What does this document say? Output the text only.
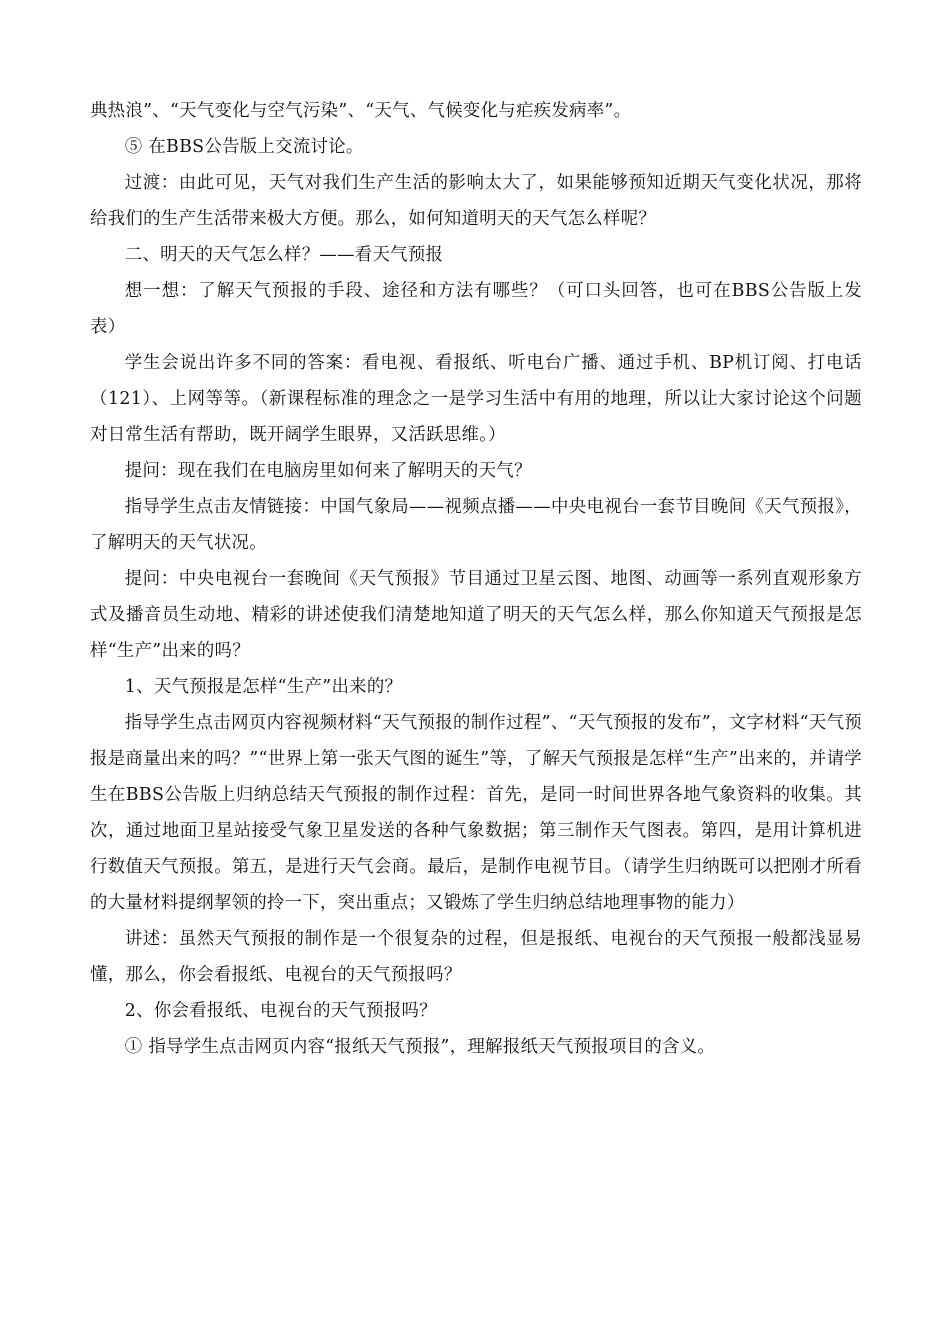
典热浪”、“天气变化与空气污染”、“天气、气候变化与疟疾发病率”。

⑤ 在BBS公告版上交流讨论。

过渡：由此可见，天气对我们生产生活的影响太大了，如果能够预知近期天气变化状况，那将给我们的生产生活带来极大方便。那么，如何知道明天的天气怎么样呢？

二、明天的天气怎么样？——看天气预报

想一想：了解天气预报的手段、途径和方法有哪些？（可口头回答，也可在BBS公告版上发表）

学生会说出许多不同的答案：看电视、看报纸、听电台广播、通过手机、BP机订阅、打电话（121）、上网等等。（新课程标准的理念之一是学习生活中有用的地理，所以让大家讨论这个问题对日常生活有帮助，既开阔学生眼界，又活跃思维。）

提问：现在我们在电脑房里如何来了解明天的天气？

指导学生点击友情链接：中国气象局——视频点播——中央电视台一套节目晚间《天气预报》，了解明天的天气状况。

提问：中央电视台一套晚间《天气预报》节目通过卫星云图、地图、动画等一系列直观形象方式及播音员生动地、精彩的讲述使我们清楚地知道了明天的天气怎么样，那么你知道天气预报是怎样“生产”出来的吗？

1、天气预报是怎样“生产”出来的？

指导学生点击网页内容视频材料“天气预报的制作过程”、“天气预报的发布”，文字材料“天气预报是商量出来的吗？”“世界上第一张天气图的诞生”等，了解天气预报是怎样“生产”出来的，并请学生在BBS公告版上归纳总结天气预报的制作过程：首先，是同一时间世界各地气象资料的收集。其次，通过地面卫星站接受气象卫星发送的各种气象数据；第三制作天气图表。第四，是用计算机进行数值天气预报。第五，是进行天气会商。最后，是制作电视节目。（请学生归纳既可以把刚才所看的大量材料提纲挈领的拎一下，突出重点；又锻炼了学生归纳总结地理事物的能力）

讲述：虽然天气预报的制作是一个很复杂的过程，但是报纸、电视台的天气预报一般都浅显易懂，那么，你会看报纸、电视台的天气预报吗？

2、你会看报纸、电视台的天气预报吗？

① 指导学生点击网页内容“报纸天气预报”，理解报纸天气预报项目的含义。
